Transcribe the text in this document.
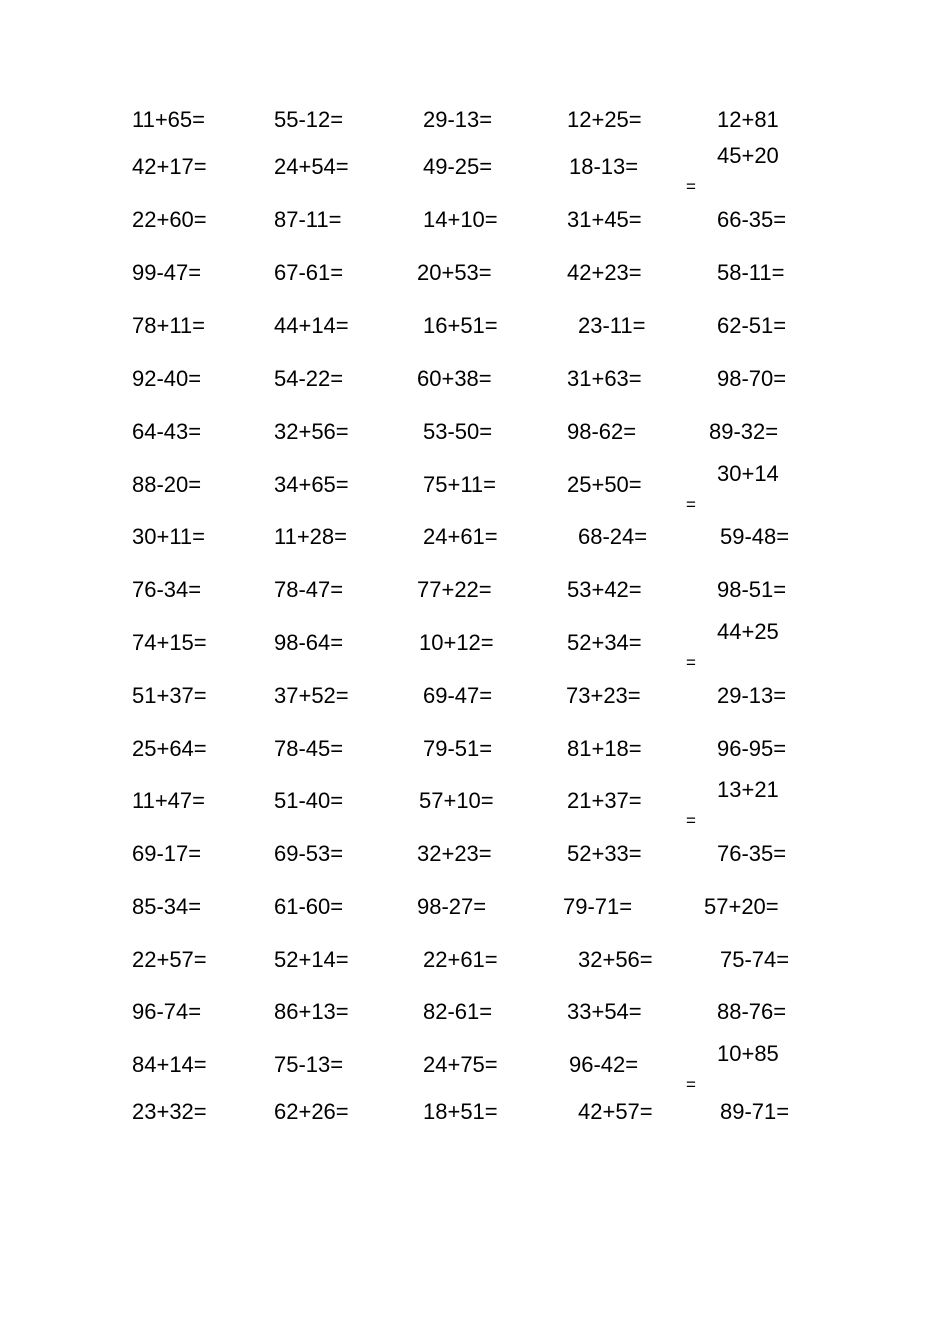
11+65=	55-12=	29-13=	12+25=	12+81
42+17=	24+54=	49-25=	18-13=	45+20
=
22+60=	87-11=	14+10=	31+45=	66-35=
99-47=	67-61=	20+53=	42+23=	58-11=
78+11=	44+14=	16+51=	23-11=	62-51=
92-40=	54-22=	60+38=	31+63=	98-70=
64-43=	32+56=	53-50=	98-62=	89-32=
88-20=	34+65=	75+11=	25+50=	30+14
=
30+11=	11+28=	24+61=	68-24=	59-48=
76-34=	78-47=	77+22=	53+42=	98-51=
74+15=	98-64=	10+12=	52+34=	44+25
=
51+37=	37+52=	69-47=	73+23=	29-13=
25+64=	78-45=	79-51=	81+18=	96-95=
11+47=	51-40=	57+10=	21+37=	13+21
=
69-17=	69-53=	32+23=	52+33=	76-35=
85-34=	61-60=	98-27=	79-71=	57+20=
22+57=	52+14=	22+61=	32+56=	75-74=
96-74=	86+13=	82-61=	33+54=	88-76=
84+14=	75-13=	24+75=	96-42=	10+85
=
23+32=	62+26=	18+51=	42+57=	89-71=
